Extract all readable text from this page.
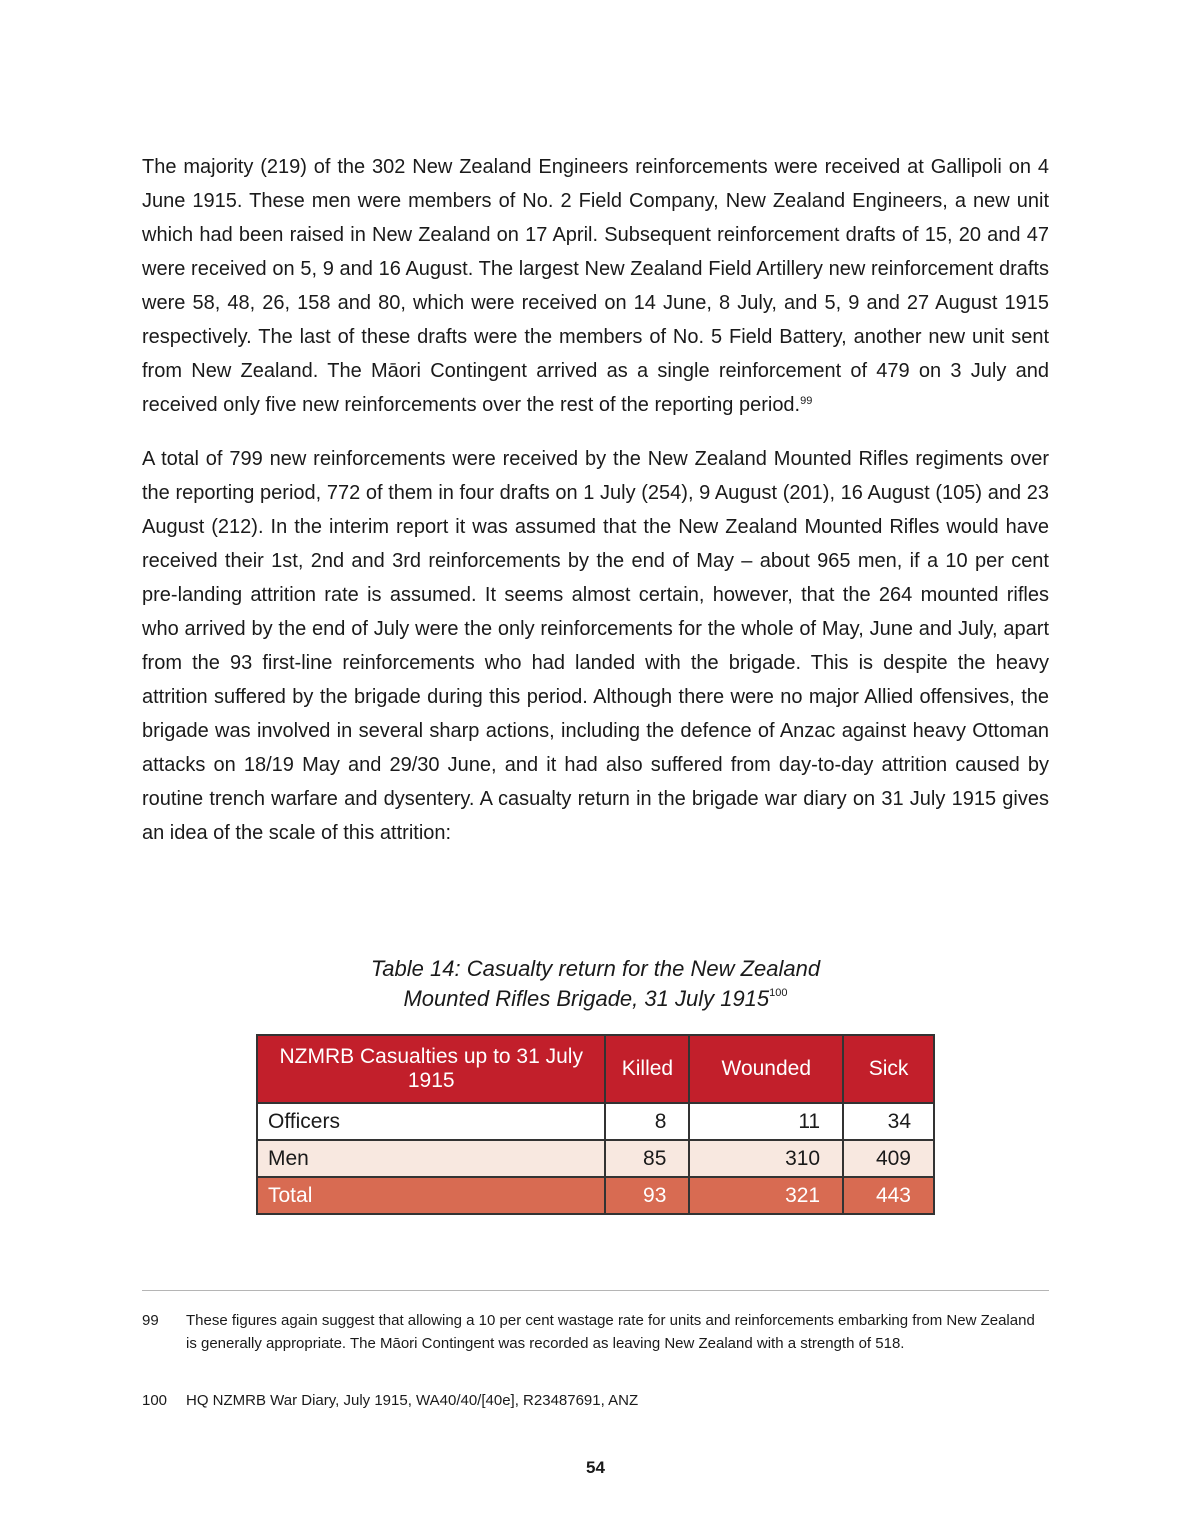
The majority (219) of the 302 New Zealand Engineers reinforcements were received at Gallipoli on 4 June 1915. These men were members of No. 2 Field Company, New Zealand Engineers, a new unit which had been raised in New Zealand on 17 April. Subsequent reinforcement drafts of 15, 20 and 47 were received on 5, 9 and 16 August. The largest New Zealand Field Artillery new reinforcement drafts were 58, 48, 26, 158 and 80, which were received on 14 June, 8 July, and 5, 9 and 27 August 1915 respectively. The last of these drafts were the members of No. 5 Field Battery, another new unit sent from New Zealand. The Māori Contingent arrived as a single reinforcement of 479 on 3 July and received only five new reinforcements over the rest of the reporting period.$^{99}$

A total of 799 new reinforcements were received by the New Zealand Mounted Rifles regiments over the reporting period, 772 of them in four drafts on 1 July (254), 9 August (201), 16 August (105) and 23 August (212). In the interim report it was assumed that the New Zealand Mounted Rifles would have received their 1st, 2nd and 3rd reinforcements by the end of May – about 965 men, if a 10 per cent pre-landing attrition rate is assumed. It seems almost certain, however, that the 264 mounted rifles who arrived by the end of July were the only reinforcements for the whole of May, June and July, apart from the 93 first-line reinforcements who had landed with the brigade. This is despite the heavy attrition suffered by the brigade during this period. Although there were no major Allied offensives, the brigade was involved in several sharp actions, including the defence of Anzac against heavy Ottoman attacks on 18/19 May and 29/30 June, and it had also suffered from day-to-day attrition caused by routine trench warfare and dysentery. A casualty return in the brigade war diary on 31 July 1915 gives an idea of the scale of this attrition:

Table 14: Casualty return for the New Zealand
Mounted Rifles Brigade, 31 July 1915$^{100}$
NZMRB Casualties up to 31 July 1915	Killed	Wounded	Sick
Officers	8	11	34
Men	85	310	409
Total	93	321	443
99	These figures again suggest that allowing a 10 per cent wastage rate for units and reinforcements embarking from New Zealand is generally appropriate. The Māori Contingent was recorded as leaving New Zealand with a strength of 518.
100	HQ NZMRB War Diary, July 1915, WA40/40/[40e], R23487691, ANZ
54
